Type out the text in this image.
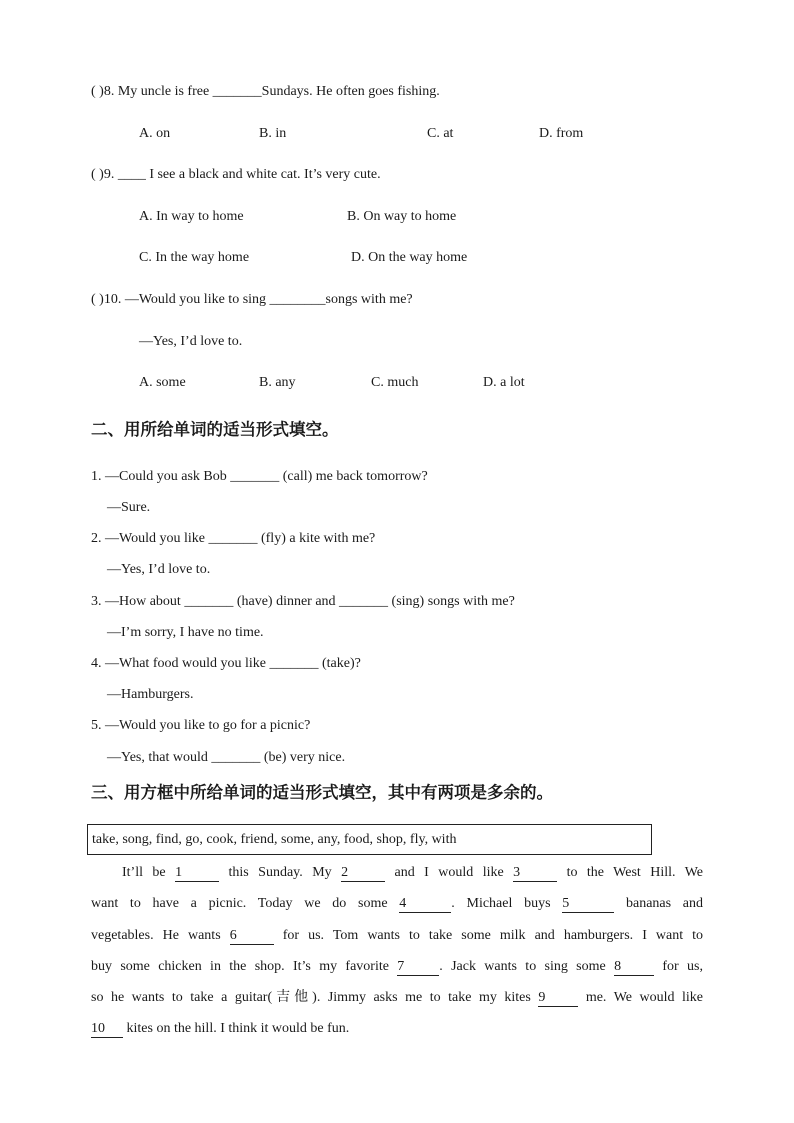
( )8. My uncle is free _______Sundays. He often goes fishing.
A. on	B. in	C. at	D. from
( )9. ____ I see a black and white cat. It’s very cute.
A. In way to home	B. On way to home
C. In the way home	D. On the way home
( )10. —Would you like to sing ________songs with me?
—Yes, I’d love to.
A. some	B. any	C. much	D. a lot
二、用所给单词的适当形式填空。
1. —Could you ask Bob _______ (call) me back tomorrow?
—Sure.
2. —Would you like _______ (fly) a kite with me?
—Yes, I’d love to.
3. —How about _______ (have) dinner and _______ (sing) songs with me?
—I’m sorry, I have no time.
4. —What food would you like _______ (take)?
—Hamburgers.
5. —Would you like to go for a picnic?
—Yes, that would _______ (be) very nice.
三、用方框中所给单词的适当形式填空，其中有两项是多余的。
take, song, find, go, cook, friend, some, any, food, shop, fly, with
It’ll be 1	this Sunday. My 2	and I would like 3	to the West Hill. We
want to have a picnic. Today we do some 4	. Michael buys 5	bananas and
vegetables. He wants 6	for us. Tom wants to take some milk and hamburgers. I want to
buy some chicken in the shop. It’s my favorite 7	. Jack wants to sing some 8	for us,
so he wants to take a guitar(吉他). Jimmy asks me to take my kites 9	me. We would like
10 kites on the hill. I think it would be fun.
